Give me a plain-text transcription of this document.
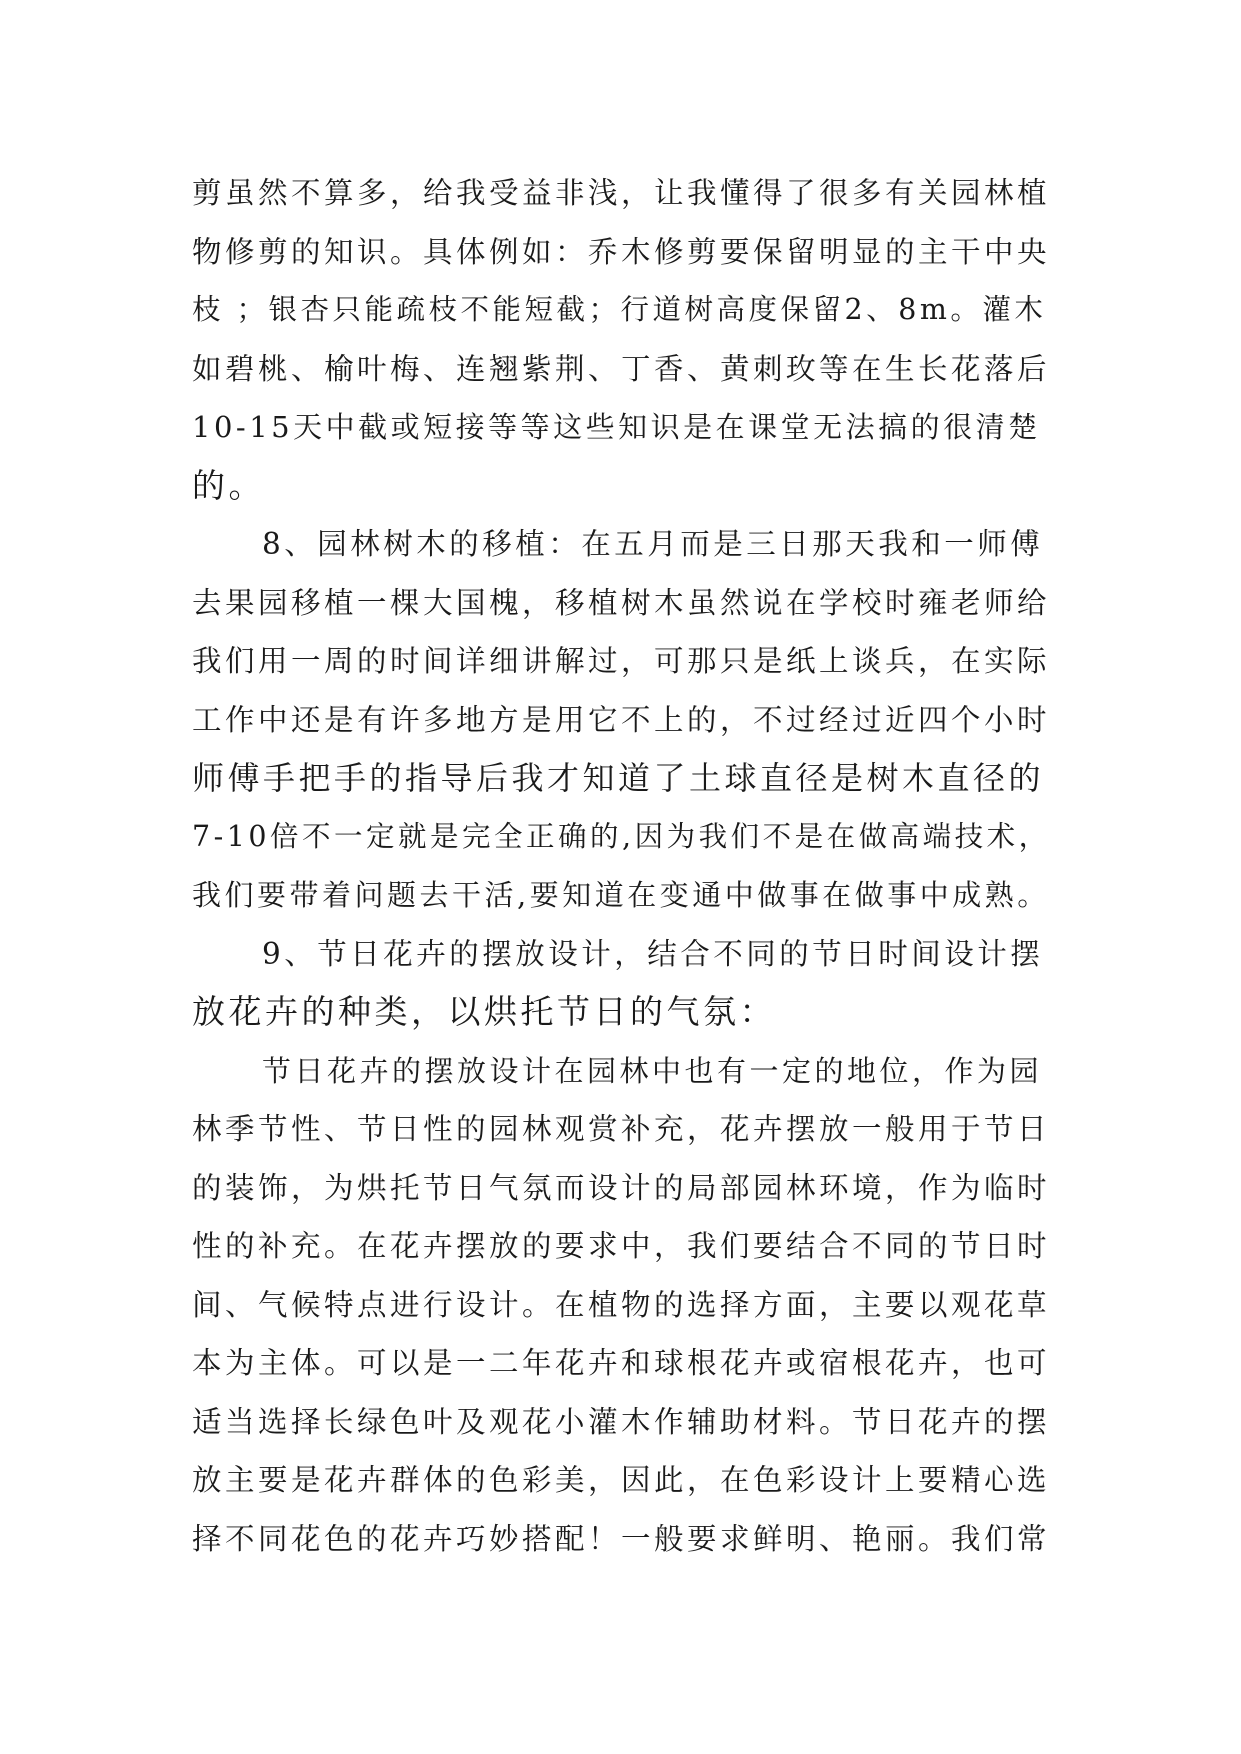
剪虽然不算多，给我受益非浅，让我懂得了很多有关园林植
物修剪的知识。具体例如：乔木修剪要保留明显的主干中央
枝 ；银杏只能疏枝不能短截；行道树高度保留2、8m。灌木
如碧桃、榆叶梅、连翘紫荆、丁香、黄刺玫等在生长花落后
10-15天中截或短接等等这些知识是在课堂无法搞的很清楚
的。
8、园林树木的移植：在五月而是三日那天我和一师傅
去果园移植一棵大国槐，移植树木虽然说在学校时雍老师给
我们用一周的时间详细讲解过，可那只是纸上谈兵，在实际
工作中还是有许多地方是用它不上的，不过经过近四个小时
师傅手把手的指导后我才知道了土球直径是树木直径的
7-10倍不一定就是完全正确的,因为我们不是在做高端技术，
我们要带着问题去干活,要知道在变通中做事在做事中成熟。
9、节日花卉的摆放设计，结合不同的节日时间设计摆
放花卉的种类，以烘托节日的气氛：
节日花卉的摆放设计在园林中也有一定的地位，作为园
林季节性、节日性的园林观赏补充，花卉摆放一般用于节日
的装饰，为烘托节日气氛而设计的局部园林环境，作为临时
性的补充。在花卉摆放的要求中，我们要结合不同的节日时
间、气候特点进行设计。在植物的选择方面，主要以观花草
本为主体。可以是一二年花卉和球根花卉或宿根花卉，也可
适当选择长绿色叶及观花小灌木作辅助材料。节日花卉的摆
放主要是花卉群体的色彩美，因此，在色彩设计上要精心选
择不同花色的花卉巧妙搭配！一般要求鲜明、艳丽。我们常
